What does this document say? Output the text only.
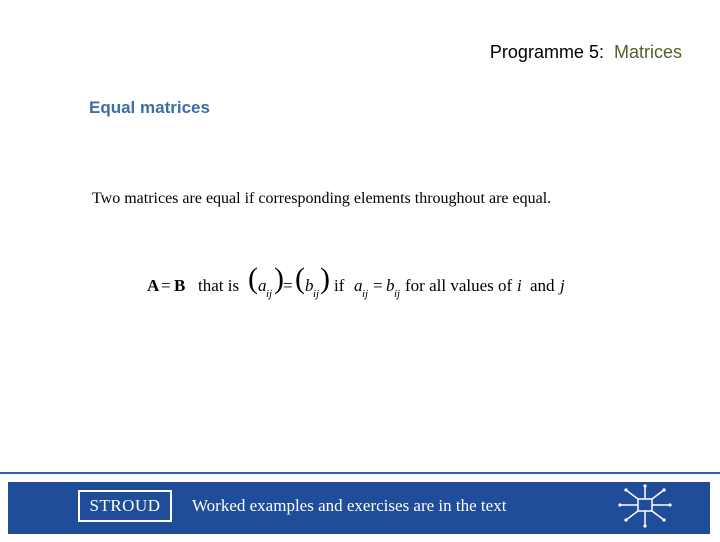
Programme 5: Matrices
Equal matrices
Two matrices are equal if corresponding elements throughout are equal.
A = B that is ( a ij ) = ( b ij ) if a ij = b ij for all values of i and j
STROUD	Worked examples and exercises are in the text
